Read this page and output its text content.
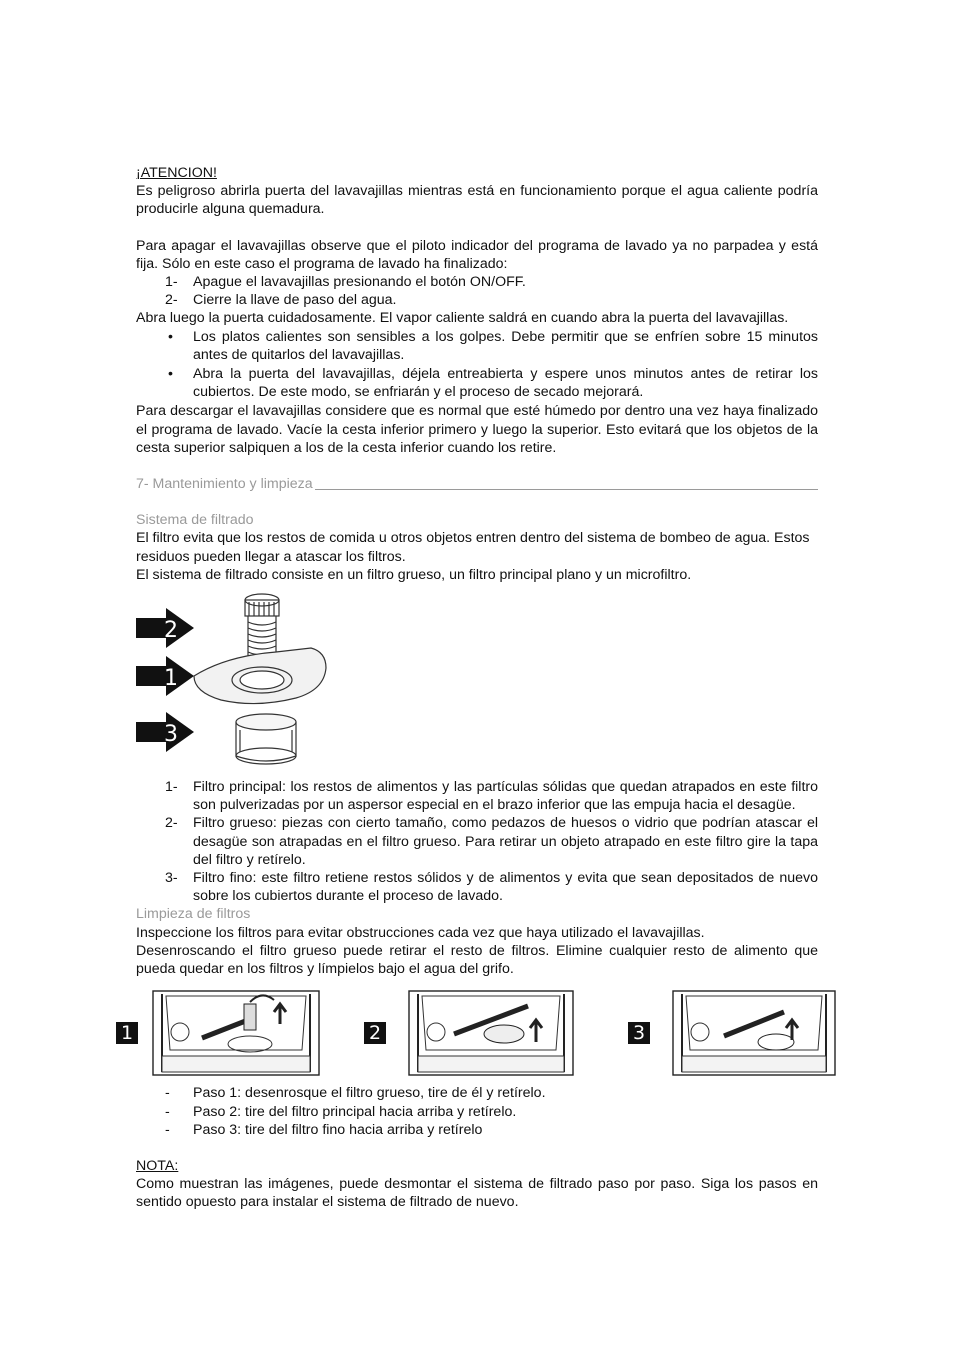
¡ATENCION!

Es peligroso abrirla puerta del lavavajillas mientras está en funcionamiento porque el agua caliente podría producirle alguna quemadura.

Para apagar el lavavajillas observe que el piloto indicador del programa de lavado ya no parpadea y está fija. Sólo en este caso el programa de lavado ha finalizado:

1- Apague el lavavajillas presionando el botón ON/OFF.
2- Cierre la llave de paso del agua.

Abra luego la puerta cuidadosamente. El vapor caliente saldrá en cuando abra la puerta del lavavajillas.

• Los platos calientes son sensibles a los golpes. Debe permitir que se enfríen sobre 15 minutos antes de quitarlos del lavavajillas.
• Abra la puerta del lavavajillas, déjela entreabierta y espere unos minutos antes de retirar los cubiertos. De este modo, se enfriarán y el proceso de secado mejorará.

Para descargar el lavavajillas considere que es normal que esté húmedo por dentro una vez haya finalizado el programa de lavado. Vacíe la cesta inferior primero y luego la superior. Esto evitará que los objetos de la cesta superior salpiquen a los de la cesta inferior cuando los retire.

7- Mantenimiento y limpieza

Sistema de filtrado

El filtro evita que los restos de comida u otros objetos entren dentro del sistema de bombeo de agua. Estos residuos pueden llegar a atascar los filtros.

El sistema de filtrado consiste en un filtro grueso, un filtro principal plano y un microfiltro.

2
1
3
1- Filtro principal: los restos de alimentos y las partículas sólidas que quedan atrapados en este filtro son pulverizadas por un aspersor especial en el brazo inferior que las empuja hacia el desagüe.
2- Filtro grueso: piezas con cierto tamaño, como pedazos de huesos o vidrio que podrían atascar el desagüe son atrapadas en el filtro grueso. Para retirar un objeto atrapado en este filtro gire la tapa del filtro y retírelo.
3- Filtro fino: este filtro retiene restos sólidos y de alimentos y evita que sean depositados de nuevo sobre los cubiertos durante el proceso de lavado.

Limpieza de filtros

Inspeccione los filtros para evitar obstrucciones cada vez que haya utilizado el lavavajillas.

Desenroscando el filtro grueso puede retirar el resto de filtros. Elimine cualquier resto de alimento que pueda quedar en los filtros y límpielos bajo el agua del grifo.

1	2	3
- Paso 1: desenrosque el filtro grueso, tire de él y retírelo.
- Paso 2: tire del filtro principal hacia arriba y retírelo.
- Paso 3: tire del filtro fino hacia arriba y retírelo

NOTA:

Como muestran las imágenes, puede desmontar el sistema de filtrado paso por paso. Siga los pasos en sentido opuesto para instalar el sistema de filtrado de nuevo.
